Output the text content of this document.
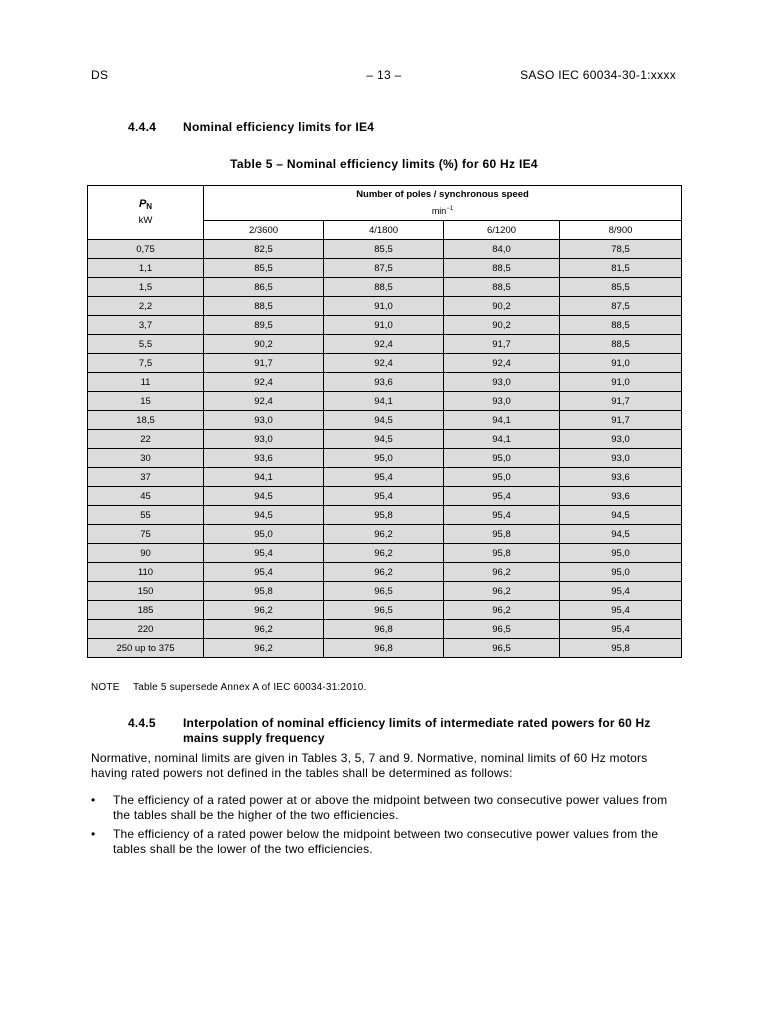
DS	– 13 –	SASO IEC 60034-30-1:xxxx
4.4.4 Nominal efficiency limits for IE4
Table 5 – Nominal efficiency limits (%) for 60 Hz IE4
$P_N$
kW	Number of poles / synchronous speed
$\min^{-1}$
	2/3600	4/1800	6/1200	8/900
0,75	82,5	85,5	84,0	78,5
1,1	85,5	87,5	88,5	81,5
1,5	86,5	88,5	88,5	85,5
2,2	88,5	91,0	90,2	87,5
3,7	89,5	91,0	90,2	88,5
5,5	90,2	92,4	91,7	88,5
7,5	91,7	92,4	92,4	91,0
11	92,4	93,6	93,0	91,0
15	92,4	94,1	93,0	91,7
18,5	93,0	94,5	94,1	91,7
22	93,0	94,5	94,1	93,0
30	93,6	95,0	95,0	93,0
37	94,1	95,4	95,0	93,6
45	94,5	95,4	95,4	93,6
55	94,5	95,8	95,4	94,5
75	95,0	96,2	95,8	94,5
90	95,4	96,2	95,8	95,0
110	95,4	96,2	96,2	95,0
150	95,8	96,5	96,2	95,4
185	96,2	96,5	96,2	95,4
220	96,2	96,8	96,5	95,4
250 up to 375	96,2	96,8	96,5	95,8
NOTE Table 5 supersede Annex A of IEC 60034-31:2010.
4.4.5	Interpolation of nominal efficiency limits of intermediate rated powers for 60 Hz mains supply frequency
Normative, nominal limits are given in Tables 3, 5, 7 and 9. Normative, nominal limits of 60 Hz motors having rated powers not defined in the tables shall be determined as follows:
• The efficiency of a rated power at or above the midpoint between two consecutive power values from the tables shall be the higher of the two efficiencies.
• The efficiency of a rated power below the midpoint between two consecutive power values from the tables shall be the lower of the two efficiencies.
